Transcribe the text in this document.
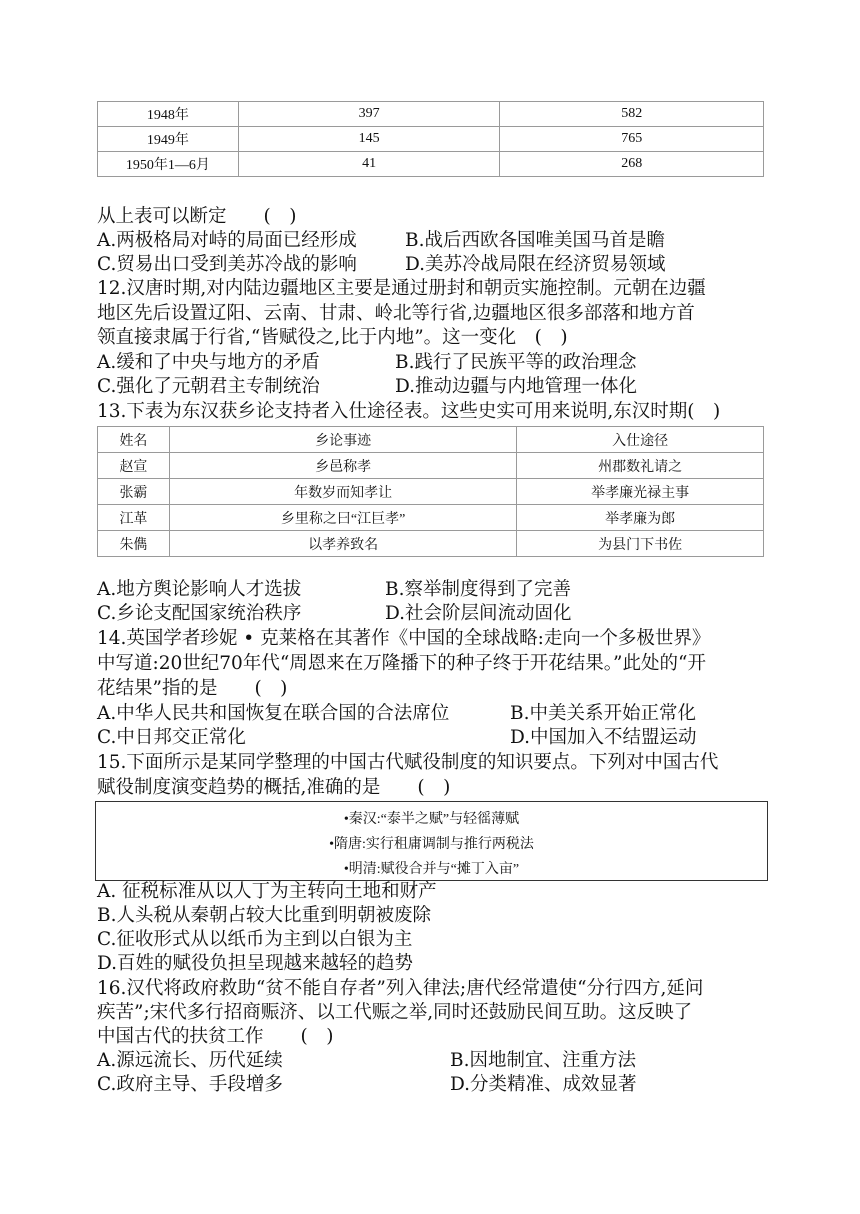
1948年	397	582
1949年	145	765
1950年1—6月	41	268
从上表可以断定　　(　)
A.两极格局对峙的局面已经形成	B.战后西欧各国唯美国马首是瞻
C.贸易出口受到美苏冷战的影响	D.美苏冷战局限在经济贸易领域
12.汉唐时期,对内陆边疆地区主要是通过册封和朝贡实施控制。元朝在边疆
地区先后设置辽阳、云南、甘肃、岭北等行省,边疆地区很多部落和地方首
领直接隶属于行省,“皆赋役之,比于内地”。这一变化　(　)
A.缓和了中央与地方的矛盾	B.践行了民族平等的政治理念
C.强化了元朝君主专制统治	D.推动边疆与内地管理一体化
13.下表为东汉获乡论支持者入仕途径表。这些史实可用来说明,东汉时期(　)
姓名	乡论事迹	入仕途径
赵宣	乡邑称孝	州郡数礼请之
张霸	年数岁而知孝让	举孝廉光禄主事
江革	乡里称之曰“江巨孝”	举孝廉为郎
朱儁	以孝养致名	为县门下书佐
A.地方舆论影响人才选拔	B.察举制度得到了完善
C.乡论支配国家统治秩序	D.社会阶层间流动固化
14.英国学者珍妮 • 克莱格在其著作《中国的全球战略:走向一个多极世界》
中写道:20世纪70年代“周恩来在万隆播下的种子终于开花结果。”此处的“开
花结果”指的是　　(　)
A.中华人民共和国恢复在联合国的合法席位	B.中美关系开始正常化
C.中日邦交正常化	D.中国加入不结盟运动
15.下面所示是某同学整理的中国古代赋役制度的知识要点。下列对中国古代
赋役制度演变趋势的概括,准确的是　　(　)
•秦汉:“泰半之赋”与轻徭薄赋
•隋唐:实行租庸调制与推行两税法
•明清:赋役合并与“摊丁入亩”
A. 征税标准从以人丁为主转向土地和财产
B.人头税从秦朝占较大比重到明朝被废除
C.征收形式从以纸币为主到以白银为主
D.百姓的赋役负担呈现越来越轻的趋势
16.汉代将政府救助“贫不能自存者”列入律法;唐代经常遣使“分行四方,延问
疾苦”;宋代多行招商赈济、以工代赈之举,同时还鼓励民间互助。这反映了
中国古代的扶贫工作　　(　)
A.源远流长、历代延续	B.因地制宜、注重方法
C.政府主导、手段增多	D.分类精准、成效显著
